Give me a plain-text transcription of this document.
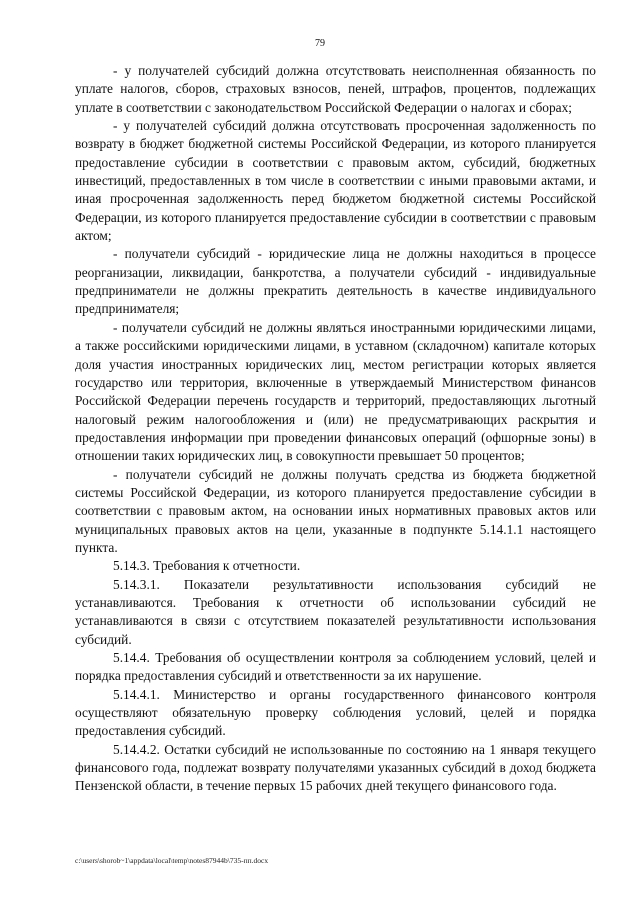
79

- у получателей субсидий должна отсутствовать неисполненная обязанность по уплате налогов, сборов, страховых взносов, пеней, штрафов, процентов, подлежащих уплате в соответствии с законодательством Российской Федерации о налогах и сборах;

- у получателей субсидий должна отсутствовать просроченная задолженность по возврату в бюджет бюджетной системы Российской Федерации, из которого планируется предоставление субсидии в соответствии с правовым актом, субсидий, бюджетных инвестиций, предоставленных в том числе в соответствии с иными правовыми актами, и иная просроченная задолженность перед бюджетом бюджетной системы Российской Федерации, из которого планируется предоставление субсидии в соответствии с правовым актом;

- получатели субсидий - юридические лица не должны находиться в процессе реорганизации, ликвидации, банкротства, а получатели субсидий - индивидуальные предприниматели не должны прекратить деятельность в качестве индивидуального предпринимателя;

- получатели субсидий не должны являться иностранными юридическими лицами, а также российскими юридическими лицами, в уставном (складочном) капитале которых доля участия иностранных юридических лиц, местом регистрации которых является государство или территория, включенные в утверждаемый Министерством финансов Российской Федерации перечень государств и территорий, предоставляющих льготный налоговый режим налогообложения и (или) не предусматривающих раскрытия и предоставления информации при проведении финансовых операций (офшорные зоны) в отношении таких юридических лиц, в совокупности превышает 50 процентов;

- получатели субсидий не должны получать средства из бюджета бюджетной системы Российской Федерации, из которого планируется предоставление субсидии в соответствии с правовым актом, на основании иных нормативных правовых актов или муниципальных правовых актов на цели, указанные в подпункте 5.14.1.1 настоящего пункта.

5.14.3. Требования к отчетности.

5.14.3.1. Показатели результативности использования субсидий не устанавливаются. Требования к отчетности об использовании субсидий не устанавливаются в связи с отсутствием показателей результативности использования субсидий.

5.14.4. Требования об осуществлении контроля за соблюдением условий, целей и порядка предоставления субсидий и ответственности за их нарушение.

5.14.4.1. Министерство и органы государственного финансового контроля осуществляют обязательную проверку соблюдения условий, целей и порядка предоставления субсидий.

5.14.4.2. Остатки субсидий не использованные по состоянию на 1 января текущего финансового года, подлежат возврату получателями указанных субсидий в доход бюджета Пензенской области, в течение первых 15 рабочих дней текущего финансового года.

c:\users\shorob~1\appdata\local\temp\notes87944b\735-пп.docx
